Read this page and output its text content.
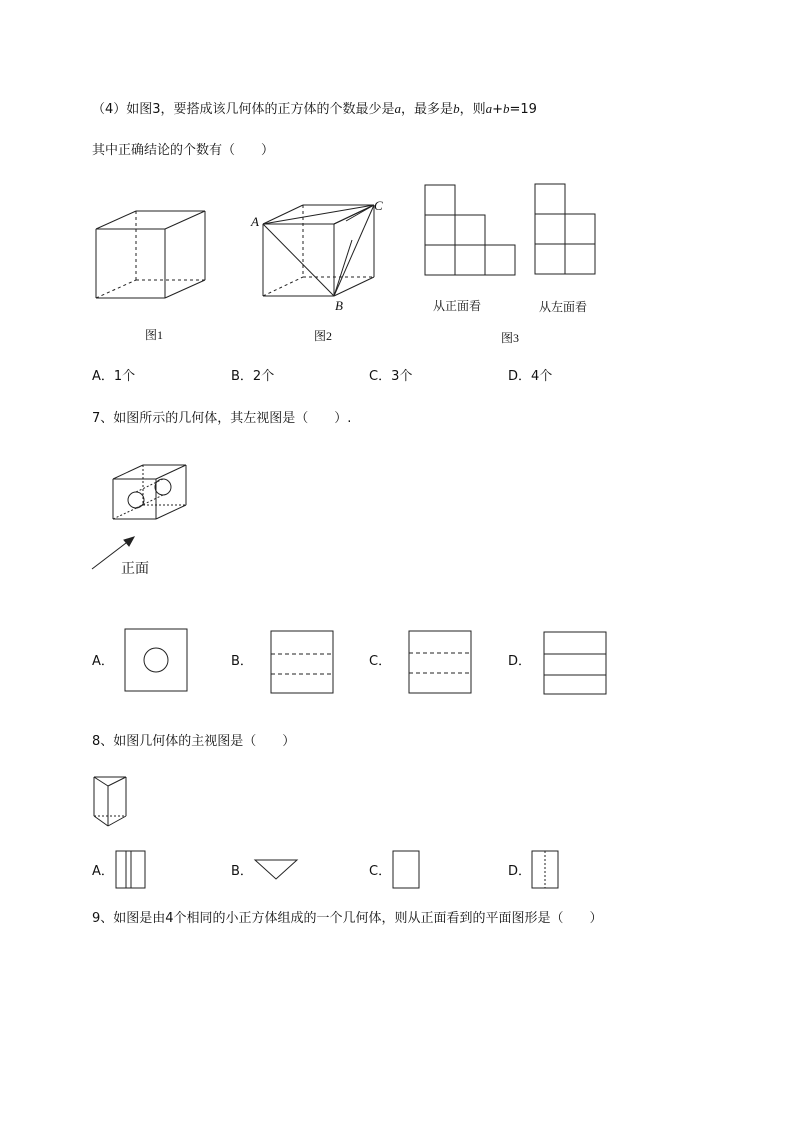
（4）如图3，要搭成该几何体的正方体的个数最少是a，最多是b，则a+b=19
其中正确结论的个数有（　　）
图1
A
B
C
图2
从正面看	从左面看
图3
A．1个	B．2个	C．3个	D．4个
7、如图所示的几何体，其左视图是（　　）.
正面
A．	B．	C．	D．
8、如图几何体的主视图是（　　）
A．	B．	C．	D．
9、如图是由4个相同的小正方体组成的一个几何体，则从正面看到的平面图形是（　　）
